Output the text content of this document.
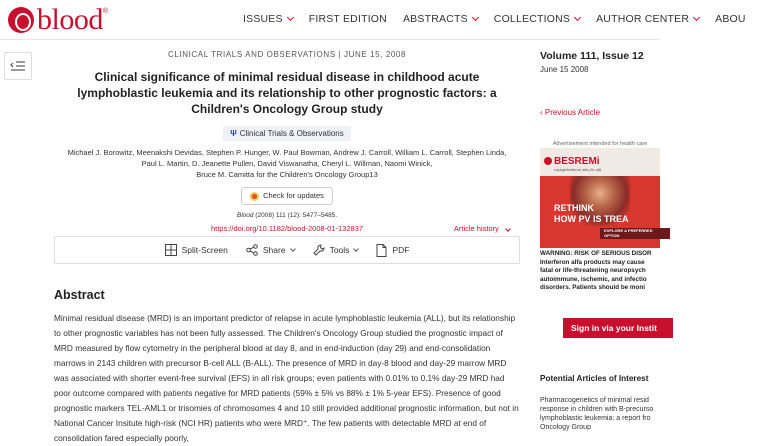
blood ®
ISSUES FIRST EDITION ABSTRACTS COLLECTIONS AUTHOR CENTER ABOU
CLINICAL TRIALS AND OBSERVATIONS | JUNE 15, 2008
Clinical significance of minimal residual disease in childhood acute lymphoblastic leukemia and its relationship to other prognostic factors: a Children's Oncology Group study
Ψ Clinical Trials & Observations
Michael J. Borowitz, Meenakshi Devidas, Stephen P. Hunger, W. Paul Bowman, Andrew J. Carroll, William L. Carroll, Stephen Linda,
Paul L. Martin, D. Jeanette Pullen, David Viswanatha, Cheryl L. Willman, Naomi Winick,
Bruce M. Camitta for the Children's Oncology Group13
Check for updates
Blood (2008) 111 (12): 5477–5485.
https://doi.org/10.1182/blood-2008-01-132837	Article history
Split-Screen	Share	Tools	PDF
Abstract
Minimal residual disease (MRD) is an important predictor of relapse in acute lymphoblastic leukemia (ALL), but its relationship to other prognostic variables has not been fully assessed. The Children's Oncology Group studied the prognostic impact of MRD measured by flow cytometry in the peripheral blood at day 8, and in end-induction (day 29) and end-consolidation marrows in 2143 children with precursor B-cell ALL (B-ALL). The presence of MRD in day-8 blood and day-29 marrow MRD was associated with shorter event-free survival (EFS) in all risk groups; even patients with 0.01% to 0.1% day-29 MRD had poor outcome compared with patients negative for MRD patients (59% ± 5% vs 88% ± 1% 5-year EFS). Presence of good prognostic markers TEL-AML1 or trisomies of chromosomes 4 and 10 still provided additional prognostic information, but not in National Cancer Insitute high-risk (NCI HR) patients who were MRD⁺. The few patients with detectable MRD at end of consolidation fared especially poorly,
Volume 111, Issue 12
June 15 2008
‹ Previous Article
Advertisement intended for health care
BESREMi
ropeginterferon alfa-2b-njft
RETHINK
HOW PV IS TREA
EXPLORE A PREFERRED OPTION
WARNING: RISK OF SERIOUS DISOR
Interferon alfa products may cause
fatal or life-threatening neuropsych
autoimmune, ischemic, and infectio
disorders. Patients should be moni
Sign in via your Instit
Potential Articles of Interest
Pharmacogenetics of minimal resid
response in children with B-precurso
lymphoblastic leukemia: a report fro
Oncology Group
